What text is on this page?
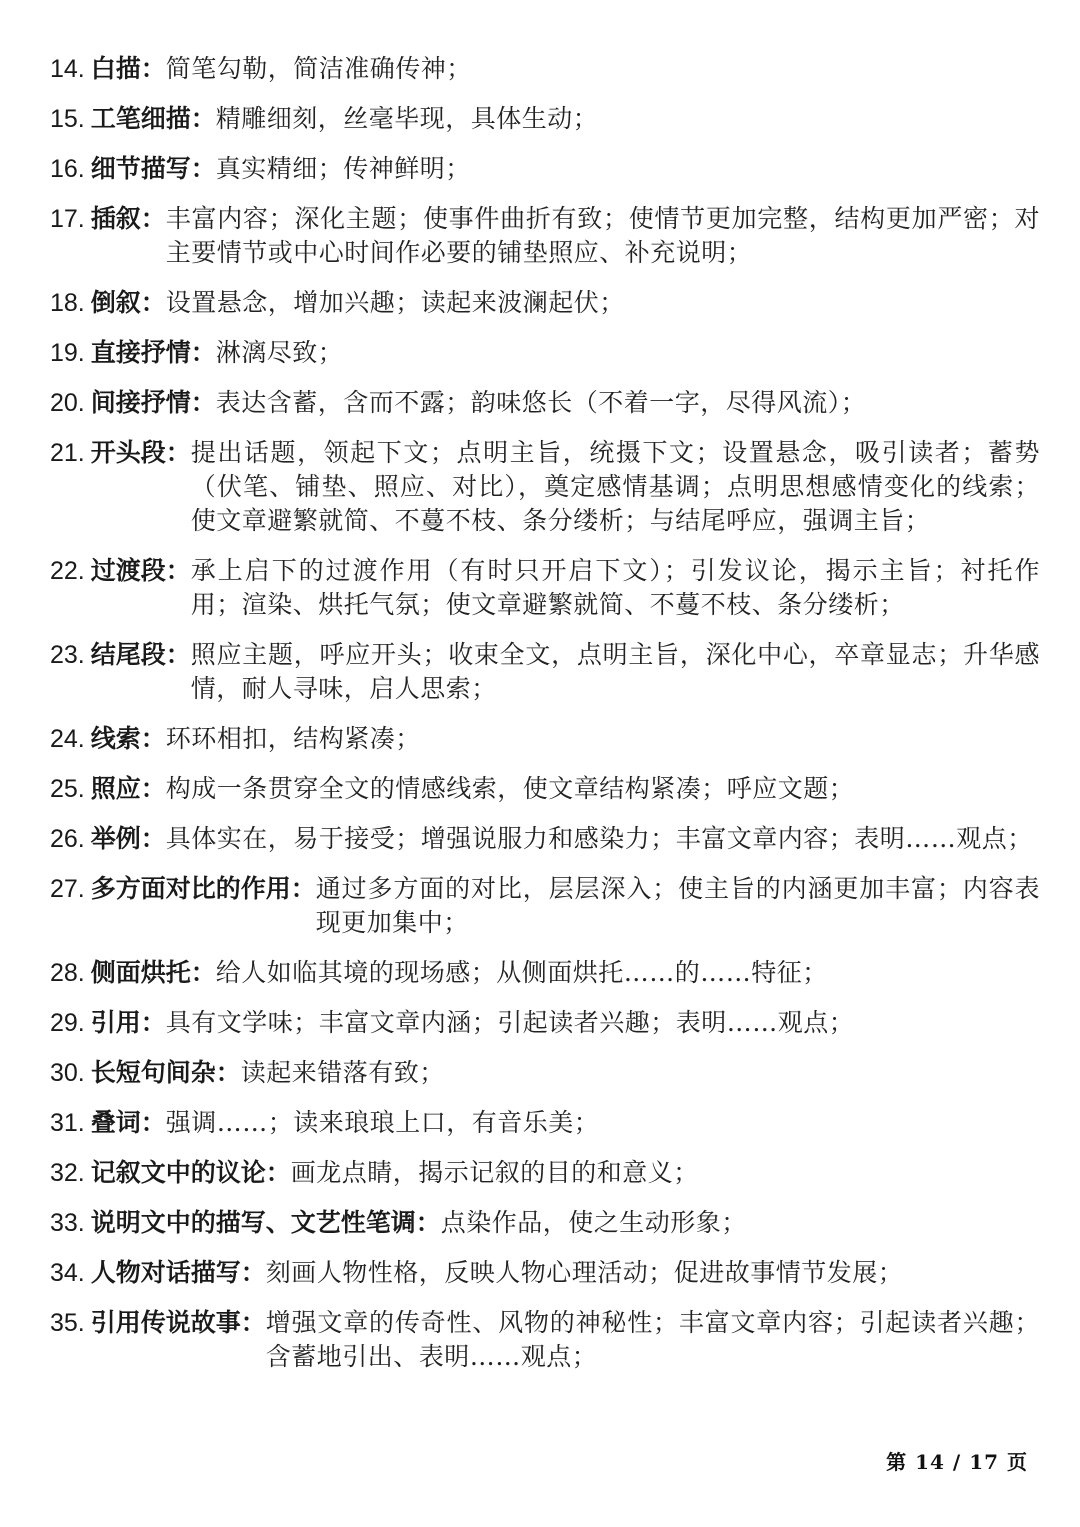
14. 白描： 简笔勾勒，简洁准确传神；
15. 工笔细描： 精雕细刻，丝毫毕现，具体生动；
16. 细节描写： 真实精细；传神鲜明；
17. 插叙： 丰富内容；深化主题；使事件曲折有致；使情节更加完整，结构更加严密；对主要情节或中心时间作必要的铺垫照应、补充说明；
18. 倒叙： 设置悬念，增加兴趣；读起来波澜起伏；
19. 直接抒情： 淋漓尽致；
20. 间接抒情： 表达含蓄，含而不露；韵味悠长（不着一字，尽得风流）；
21. 开头段： 提出话题，领起下文；点明主旨，统摄下文；设置悬念，吸引读者；蓄势（伏笔、铺垫、照应、对比），奠定感情基调；点明思想感情变化的线索；使文章避繁就简、不蔓不枝、条分缕析；与结尾呼应，强调主旨；
22. 过渡段： 承上启下的过渡作用（有时只开启下文）；引发议论，揭示主旨；衬托作用；渲染、烘托气氛；使文章避繁就简、不蔓不枝、条分缕析；
23. 结尾段： 照应主题，呼应开头；收束全文，点明主旨，深化中心，卒章显志；升华感情，耐人寻味，启人思索；
24. 线索： 环环相扣，结构紧凑；
25. 照应： 构成一条贯穿全文的情感线索，使文章结构紧凑；呼应文题；
26. 举例： 具体实在，易于接受；增强说服力和感染力；丰富文章内容；表明……观点；
27. 多方面对比的作用： 通过多方面的对比，层层深入；使主旨的内涵更加丰富；内容表现更加集中；
28. 侧面烘托： 给人如临其境的现场感；从侧面烘托……的……特征；
29. 引用： 具有文学味；丰富文章内涵；引起读者兴趣；表明……观点；
30. 长短句间杂： 读起来错落有致；
31. 叠词： 强调……；读来琅琅上口，有音乐美；
32. 记叙文中的议论： 画龙点睛，揭示记叙的目的和意义；
33. 说明文中的描写、文艺性笔调： 点染作品，使之生动形象；
34. 人物对话描写： 刻画人物性格，反映人物心理活动；促进故事情节发展；
35. 引用传说故事： 增强文章的传奇性、风物的神秘性；丰富文章内容；引起读者兴趣；含蓄地引出、表明……观点；
第 14 / 17 页
